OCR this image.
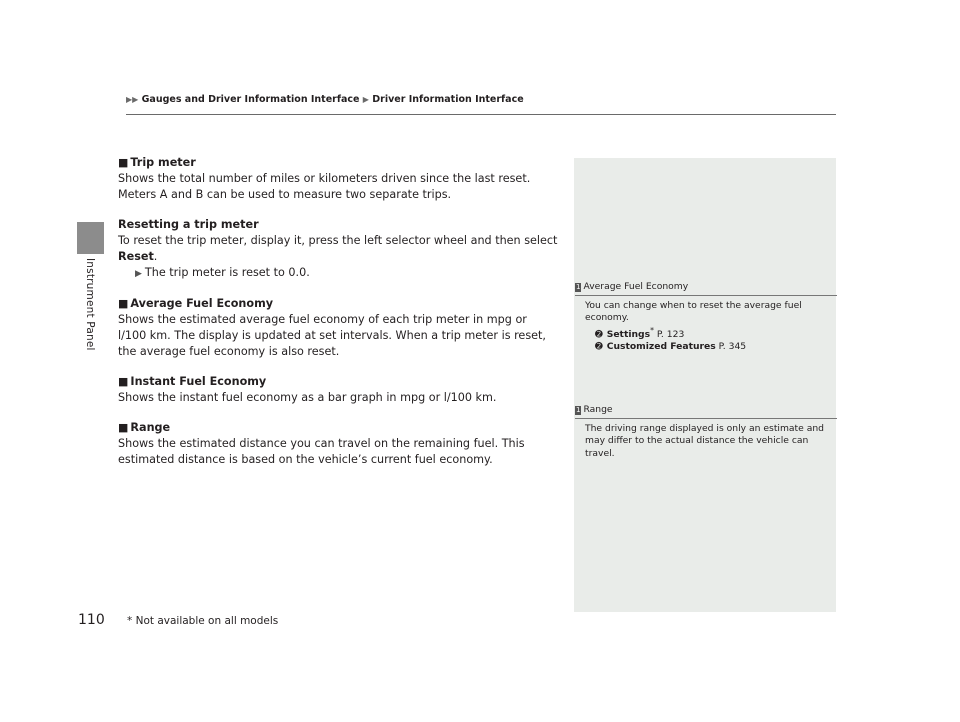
Instrument Panel
▶▶ Gauges and Driver Information Interface ▶ Driver Information Interface

■ Trip meter

Shows the total number of miles or kilometers driven since the last reset. Meters A and B can be used to measure two separate trips.

Resetting a trip meter

To reset the trip meter, display it, press the left selector wheel and then select Reset.

▶ The trip meter is reset to 0.0.

■ Average Fuel Economy

Shows the estimated average fuel economy of each trip meter in mpg or l/100 km. The display is updated at set intervals. When a trip meter is reset, the average fuel economy is also reset.

■ Instant Fuel Economy

Shows the instant fuel economy as a bar graph in mpg or l/100 km.

■ Range

Shows the estimated distance you can travel on the remaining fuel. This estimated distance is based on the vehicle’s current fuel economy.

1 Average Fuel Economy
You can change when to reset the average fuel economy.
➋ Settings* P. 123
➋ Customized Features P. 345
1 Range
The driving range displayed is only an estimate and may differ to the actual distance the vehicle can travel.
110 * Not available on all models
